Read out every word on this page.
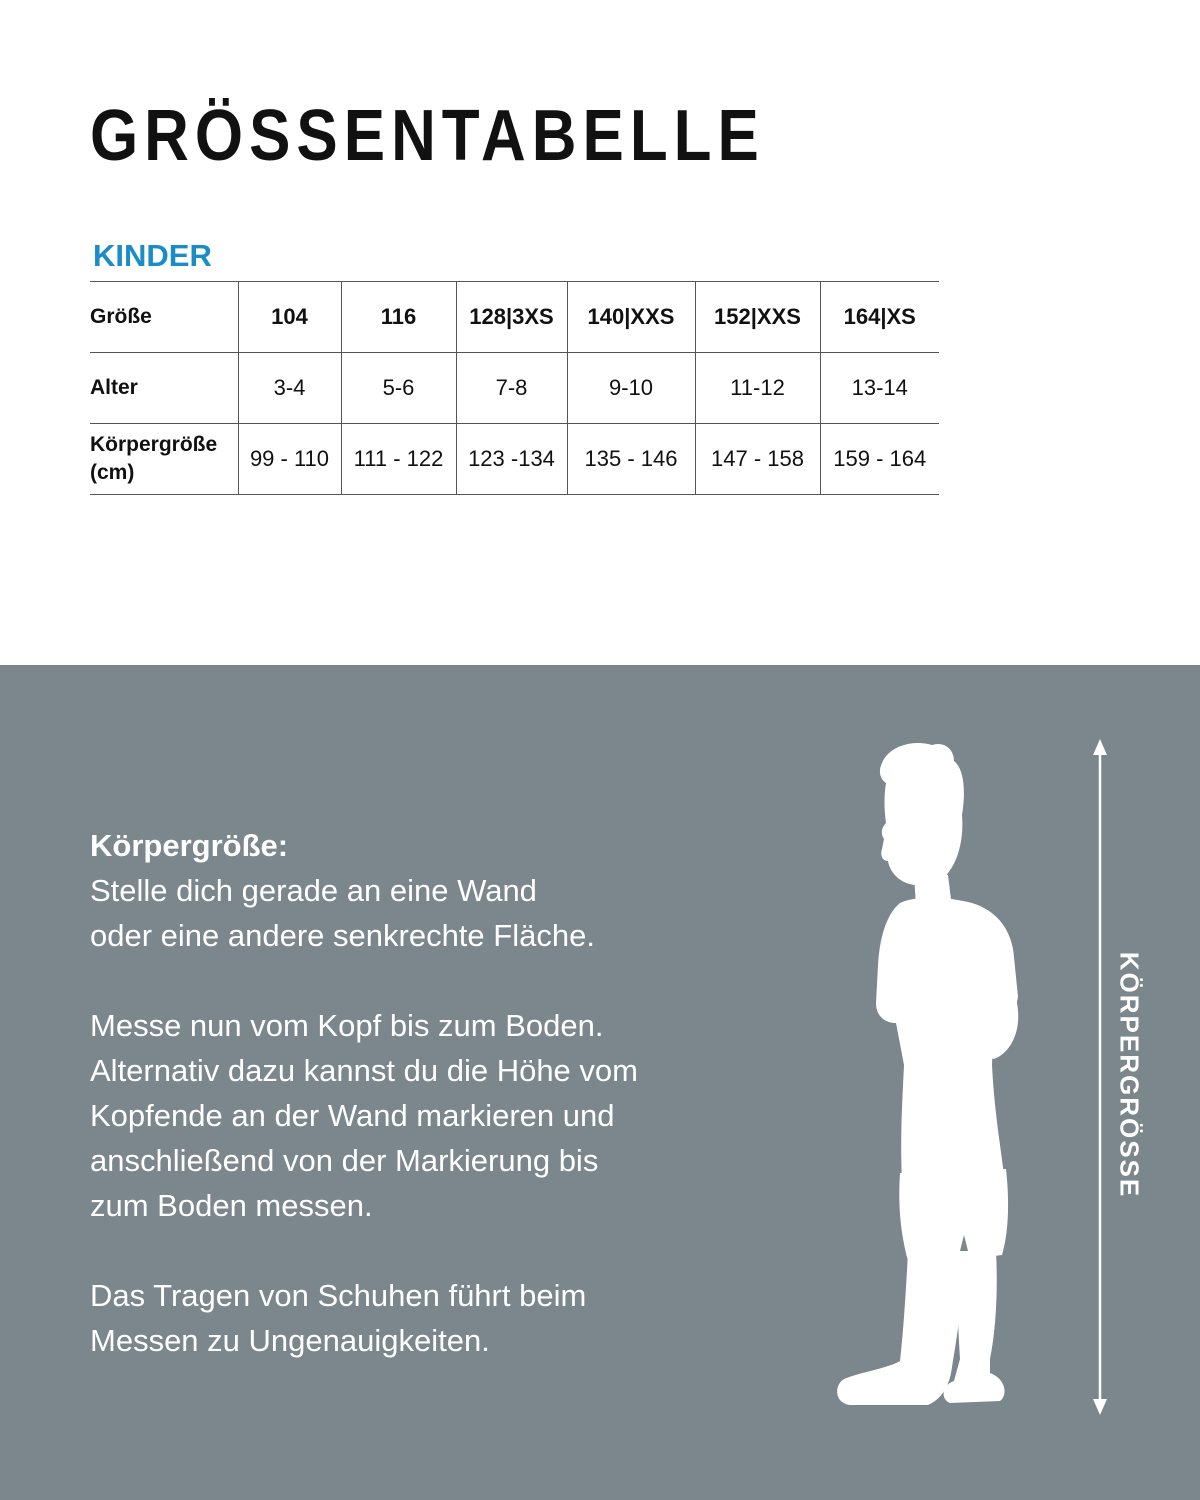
GRÖSSENTABELLE
KINDER
Größe	104	116	128|3XS	140|XXS	152|XXS	164|XS
Alter	3-4	5-6	7-8	9-10	11-12	13-14
Körpergröße
(cm)	99 - 110	111 - 122	123 -134	135 - 146	147 - 158	159 - 164
Körpergröße:

Stelle dich gerade an eine Wand
oder eine andere senkrechte Fläche.

Messe nun vom Kopf bis zum Boden.
Alternativ dazu kannst du die Höhe vom
Kopfende an der Wand markieren und
anschließend von der Markierung bis
zum Boden messen.

Das Tragen von Schuhen führt beim
Messen zu Ungenauigkeiten.

KÖRPERGRÖSSE
